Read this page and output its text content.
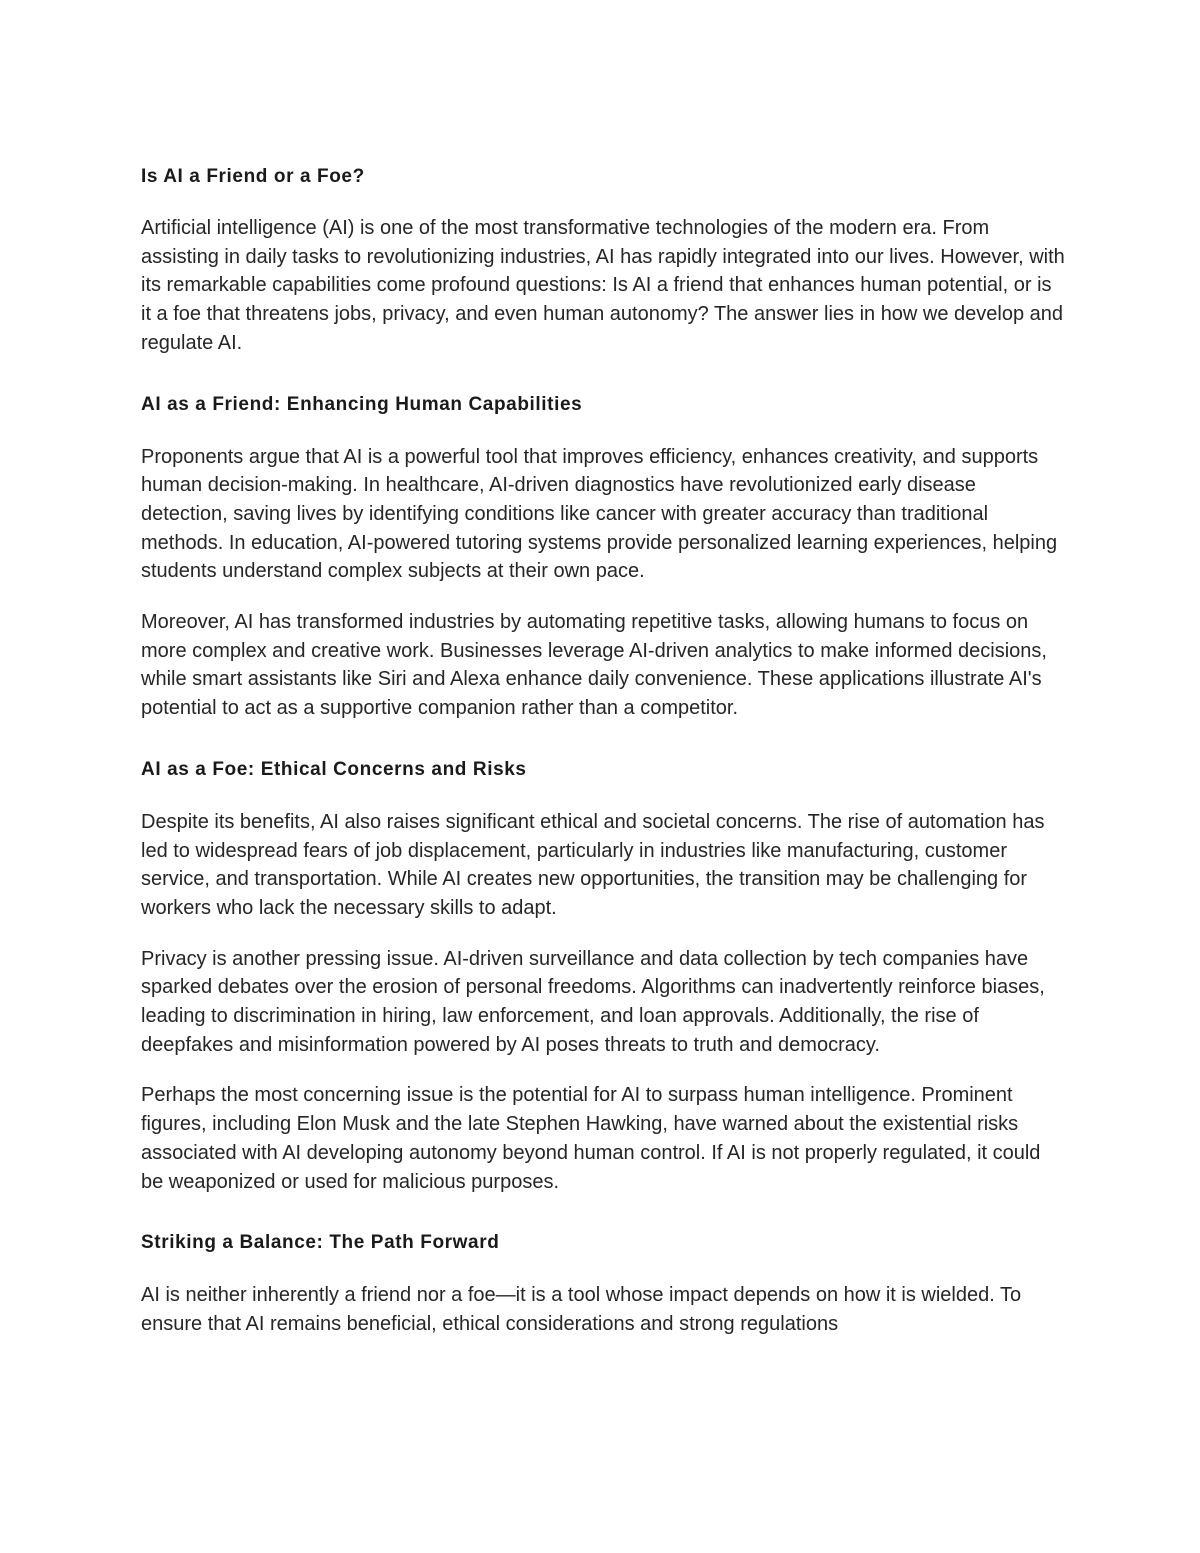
Is AI a Friend or a Foe?

Artificial intelligence (AI) is one of the most transformative technologies of the modern era. From assisting in daily tasks to revolutionizing industries, AI has rapidly integrated into our lives. However, with its remarkable capabilities come profound questions: Is AI a friend that enhances human potential, or is it a foe that threatens jobs, privacy, and even human autonomy? The answer lies in how we develop and regulate AI.

AI as a Friend: Enhancing Human Capabilities

Proponents argue that AI is a powerful tool that improves efficiency, enhances creativity, and supports human decision-making. In healthcare, AI-driven diagnostics have revolutionized early disease detection, saving lives by identifying conditions like cancer with greater accuracy than traditional methods. In education, AI-powered tutoring systems provide personalized learning experiences, helping students understand complex subjects at their own pace.

Moreover, AI has transformed industries by automating repetitive tasks, allowing humans to focus on more complex and creative work. Businesses leverage AI-driven analytics to make informed decisions, while smart assistants like Siri and Alexa enhance daily convenience. These applications illustrate AI's potential to act as a supportive companion rather than a competitor.

AI as a Foe: Ethical Concerns and Risks

Despite its benefits, AI also raises significant ethical and societal concerns. The rise of automation has led to widespread fears of job displacement, particularly in industries like manufacturing, customer service, and transportation. While AI creates new opportunities, the transition may be challenging for workers who lack the necessary skills to adapt.

Privacy is another pressing issue. AI-driven surveillance and data collection by tech companies have sparked debates over the erosion of personal freedoms. Algorithms can inadvertently reinforce biases, leading to discrimination in hiring, law enforcement, and loan approvals. Additionally, the rise of deepfakes and misinformation powered by AI poses threats to truth and democracy.

Perhaps the most concerning issue is the potential for AI to surpass human intelligence. Prominent figures, including Elon Musk and the late Stephen Hawking, have warned about the existential risks associated with AI developing autonomy beyond human control. If AI is not properly regulated, it could be weaponized or used for malicious purposes.

Striking a Balance: The Path Forward

AI is neither inherently a friend nor a foe—it is a tool whose impact depends on how it is wielded. To ensure that AI remains beneficial, ethical considerations and strong regulations
